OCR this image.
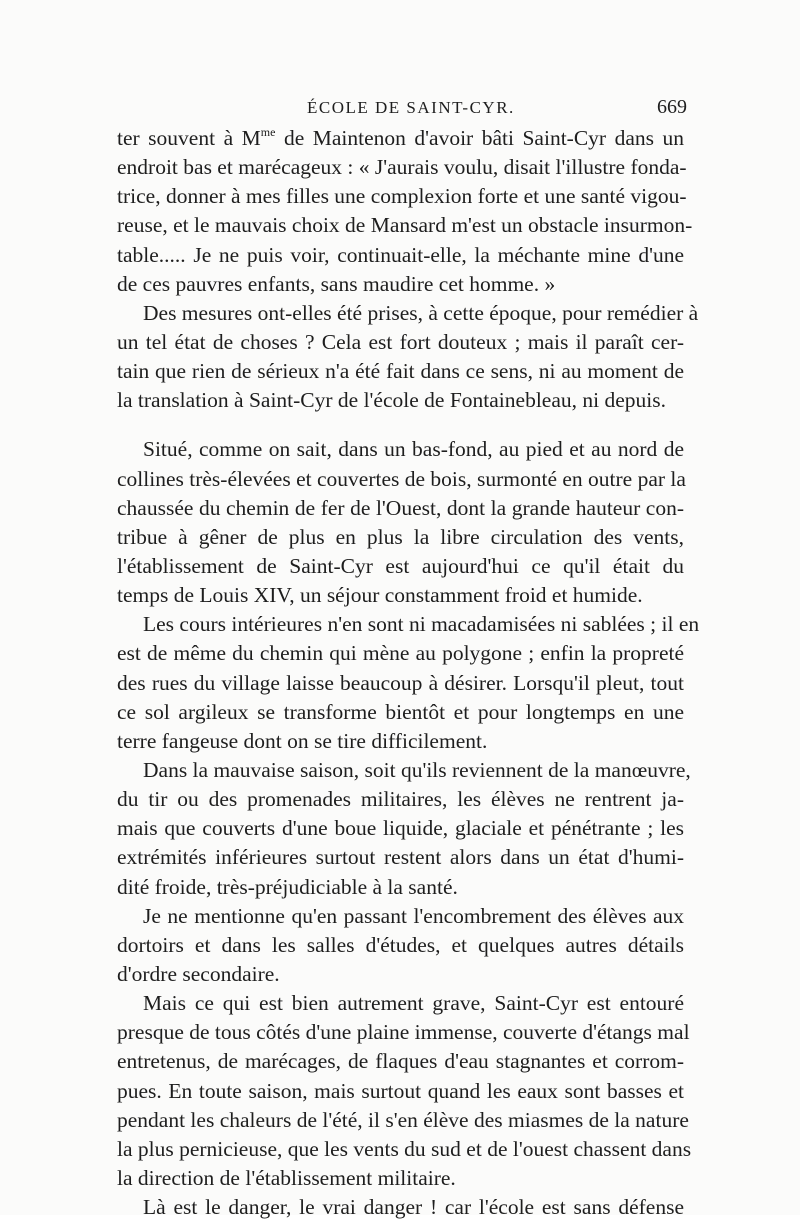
ÉCOLE DE SAINT-CYR.	669
ter souvent à $M^{me}$ de Maintenon d'avoir bâti Saint-Cyr dans un
endroit bas et marécageux : « J'aurais voulu, disait l'illustre fonda-
trice, donner à mes filles une complexion forte et une santé vigou-
reuse, et le mauvais choix de Mansard m'est un obstacle insurmon-
table..... Je ne puis voir, continuait-elle, la méchante mine d'une
de ces pauvres enfants, sans maudire cet homme. »
Des mesures ont-elles été prises, à cette époque, pour remédier à
un tel état de choses ? Cela est fort douteux ; mais il paraît cer-
tain que rien de sérieux n'a été fait dans ce sens, ni au moment de
la translation à Saint-Cyr de l'école de Fontainebleau, ni depuis.
Situé, comme on sait, dans un bas-fond, au pied et au nord de
collines très-élevées et couvertes de bois, surmonté en outre par la
chaussée du chemin de fer de l'Ouest, dont la grande hauteur con-
tribue à gêner de plus en plus la libre circulation des vents,
l'établissement de Saint-Cyr est aujourd'hui ce qu'il était du
temps de Louis XIV, un séjour constamment froid et humide.
Les cours intérieures n'en sont ni macadamisées ni sablées ; il en
est de même du chemin qui mène au polygone ; enfin la propreté
des rues du village laisse beaucoup à désirer. Lorsqu'il pleut, tout
ce sol argileux se transforme bientôt et pour longtemps en une
terre fangeuse dont on se tire difficilement.
Dans la mauvaise saison, soit qu'ils reviennent de la manœuvre,
du tir ou des promenades militaires, les élèves ne rentrent ja-
mais que couverts d'une boue liquide, glaciale et pénétrante ; les
extrémités inférieures surtout restent alors dans un état d'humi-
dité froide, très-préjudiciable à la santé.
Je ne mentionne qu'en passant l'encombrement des élèves aux
dortoirs et dans les salles d'études, et quelques autres détails
d'ordre secondaire.
Mais ce qui est bien autrement grave, Saint-Cyr est entouré
presque de tous côtés d'une plaine immense, couverte d'étangs mal
entretenus, de marécages, de flaques d'eau stagnantes et corrom-
pues. En toute saison, mais surtout quand les eaux sont basses et
pendant les chaleurs de l'été, il s'en élève des miasmes de la nature
la plus pernicieuse, que les vents du sud et de l'ouest chassent dans
la direction de l'établissement militaire.
Là est le danger, le vrai danger ! car l'école est sans défense
